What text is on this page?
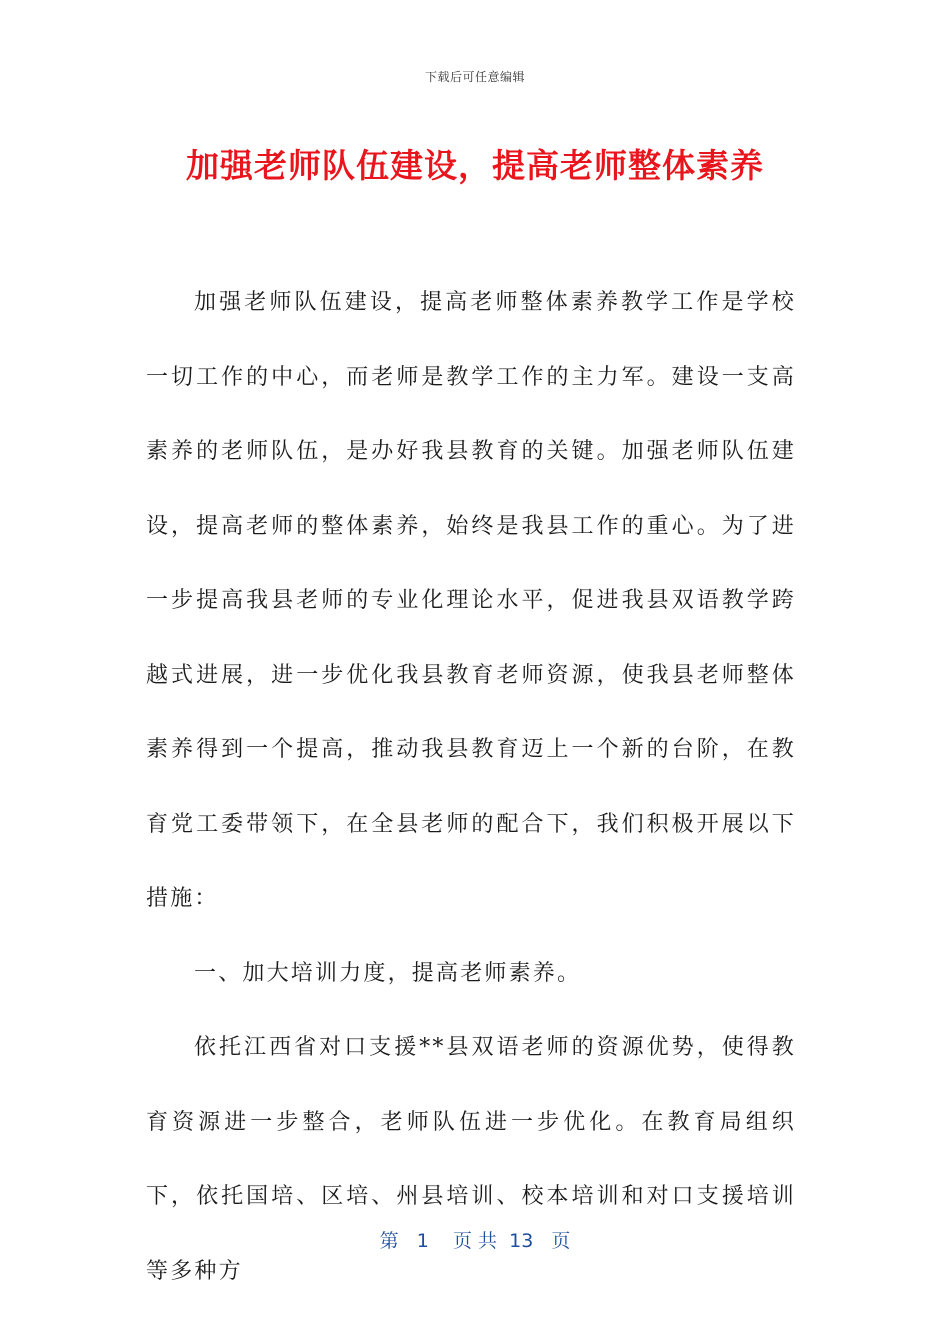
下载后可任意编辑
加强老师队伍建设，提高老师整体素养

加强老师队伍建设，提高老师整体素养教学工作是学校一切工作的中心，而老师是教学工作的主力军。建设一支高素养的老师队伍，是办好我县教育的关键。加强老师队伍建设，提高老师的整体素养，始终是我县工作的重心。为了进一步提高我县老师的专业化理论水平，促进我县双语教学跨越式进展，进一步优化我县教育老师资源，使我县老师整体素养得到一个提高，推动我县教育迈上一个新的台阶，在教育党工委带领下，在全县老师的配合下，我们积极开展以下措施：

一、加大培训力度，提高老师素养。

依托江西省对口支援**县双语老师的资源优势，使得教育资源进一步整合，老师队伍进一步优化。在教育局组织下，依托国培、区培、州县培训、校本培训和对口支援培训等多种方

第 1 页 共 13 页
